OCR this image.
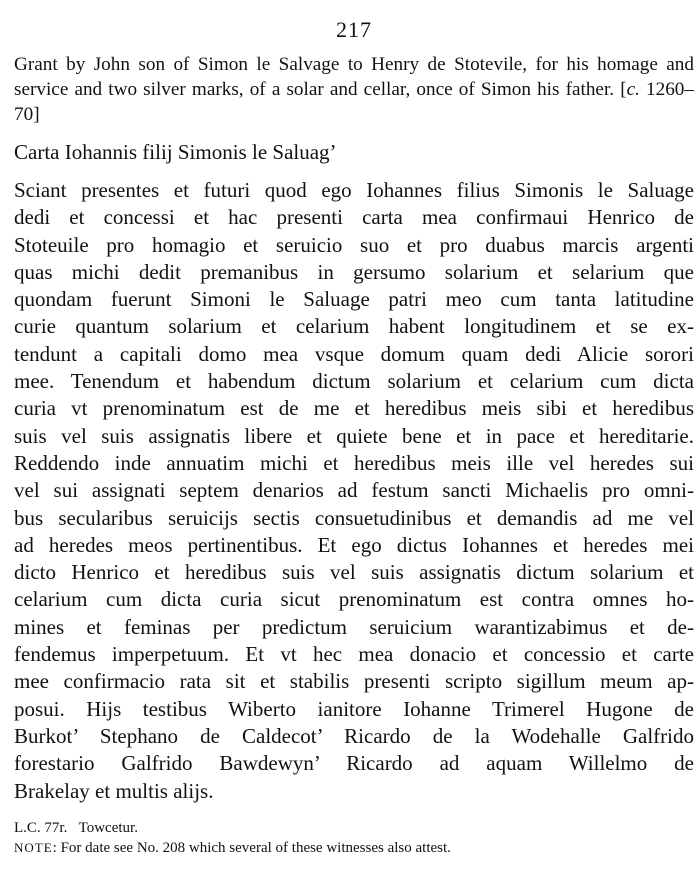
217
Grant by John son of Simon le Salvage to Henry de Stotevile, for his homage and service and two silver marks, of a solar and cellar, once of Simon his father. [c. 1260–70]
Carta Iohannis filij Simonis le Saluag’
Sciant presentes et futuri quod ego Iohannes filius Simonis le Saluage
dedi et concessi et hac presenti carta mea confirmaui Henrico de
Stoteuile pro homagio et seruicio suo et pro duabus marcis argenti
quas michi dedit premanibus in gersumo solarium et selarium que
quondam fuerunt Simoni le Saluage patri meo cum tanta latitudine
curie quantum solarium et celarium habent longitudinem et se ex-
tendunt a capitali domo mea vsque domum quam dedi Alicie sorori
mee. Tenendum et habendum dictum solarium et celarium cum dicta
curia vt prenominatum est de me et heredibus meis sibi et heredibus
suis vel suis assignatis libere et quiete bene et in pace et hereditarie.
Reddendo inde annuatim michi et heredibus meis ille vel heredes sui
vel sui assignati septem denarios ad festum sancti Michaelis pro omni-
bus secularibus seruicijs sectis consuetudinibus et demandis ad me vel
ad heredes meos pertinentibus. Et ego dictus Iohannes et heredes mei
dicto Henrico et heredibus suis vel suis assignatis dictum solarium et
celarium cum dicta curia sicut prenominatum est contra omnes ho-
mines et feminas per predictum seruicium warantizabimus et de-
fendemus imperpetuum. Et vt hec mea donacio et concessio et carte
mee confirmacio rata sit et stabilis presenti scripto sigillum meum ap-
posui. Hijs testibus Wiberto ianitore Iohanne Trimerel Hugone de
Burkot’ Stephano de Caldecot’ Ricardo de la Wodehalle Galfrido
forestario Galfrido Bawdewyn’ Ricardo ad aquam Willelmo de
Brakelay et multis alijs.
L.C. 77r. Towcetur.
NOTE: For date see No. 208 which several of these witnesses also attest.
